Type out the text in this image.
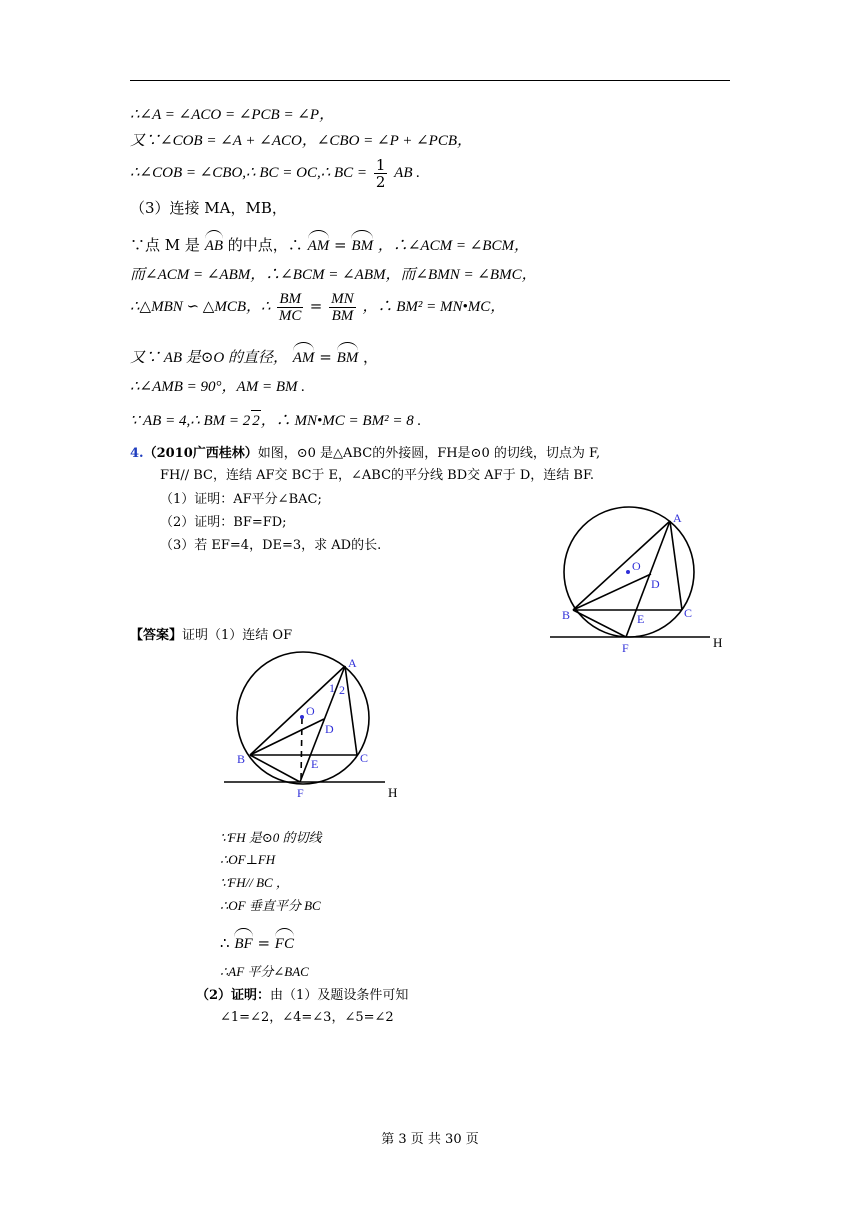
∴∠A = ∠ACO = ∠PCB = ∠P，
又∵∠COB = ∠A + ∠ACO，∠CBO = ∠P + ∠PCB，
∴∠COB = ∠CBO,∴ BC = OC,∴ BC = $\frac{1}{2}$ AB .
（3）连接 MA，MB，
∵点 M 是 AB 的中点，∴ AM = BM ，∴∠ACM = ∠BCM，
而∠ACM = ∠ABM，∴∠BCM = ∠ABM，而∠BMN = ∠BMC，
∴△MBN ∽ △MCB，∴ $\frac{BM}{MC} = \frac{MN}{BM}$ ，∴ BM² = MN•MC，
又∵ AB 是⊙O 的直径， AM = BM ，
∴∠AMB = 90°，AM = BM .
∵ AB = 4,∴ BM = 2 2，∴ MN•MC = BM² = 8 .
4.（2010广西桂林）如图，⊙0 是△ABC的外接圆，FH是⊙0 的切线，切点为 F,
FH// BC，连结 AF交 BC于 E，∠ABC的平分线 BD交 AF于 D，连结 BF.
（1）证明：AF平分∠BAC;
（2）证明：BF=FD;
（3）若 EF=4，DE=3，求 AD的长.
A
B	C
D
E
F	H
O
【答案】证明（1）连结 OF
A
B	C
D
E
F	H
O
1 2
∵FH 是⊙0 的切线
∴OF⊥FH
∵FH// BC ，
∴OF 垂直平分 BC
∴ BF = FC
∴AF 平分∠BAC
（2）证明：由（1）及题设条件可知
∠1=∠2，∠4=∠3，∠5=∠2
第 3 页 共 30 页
